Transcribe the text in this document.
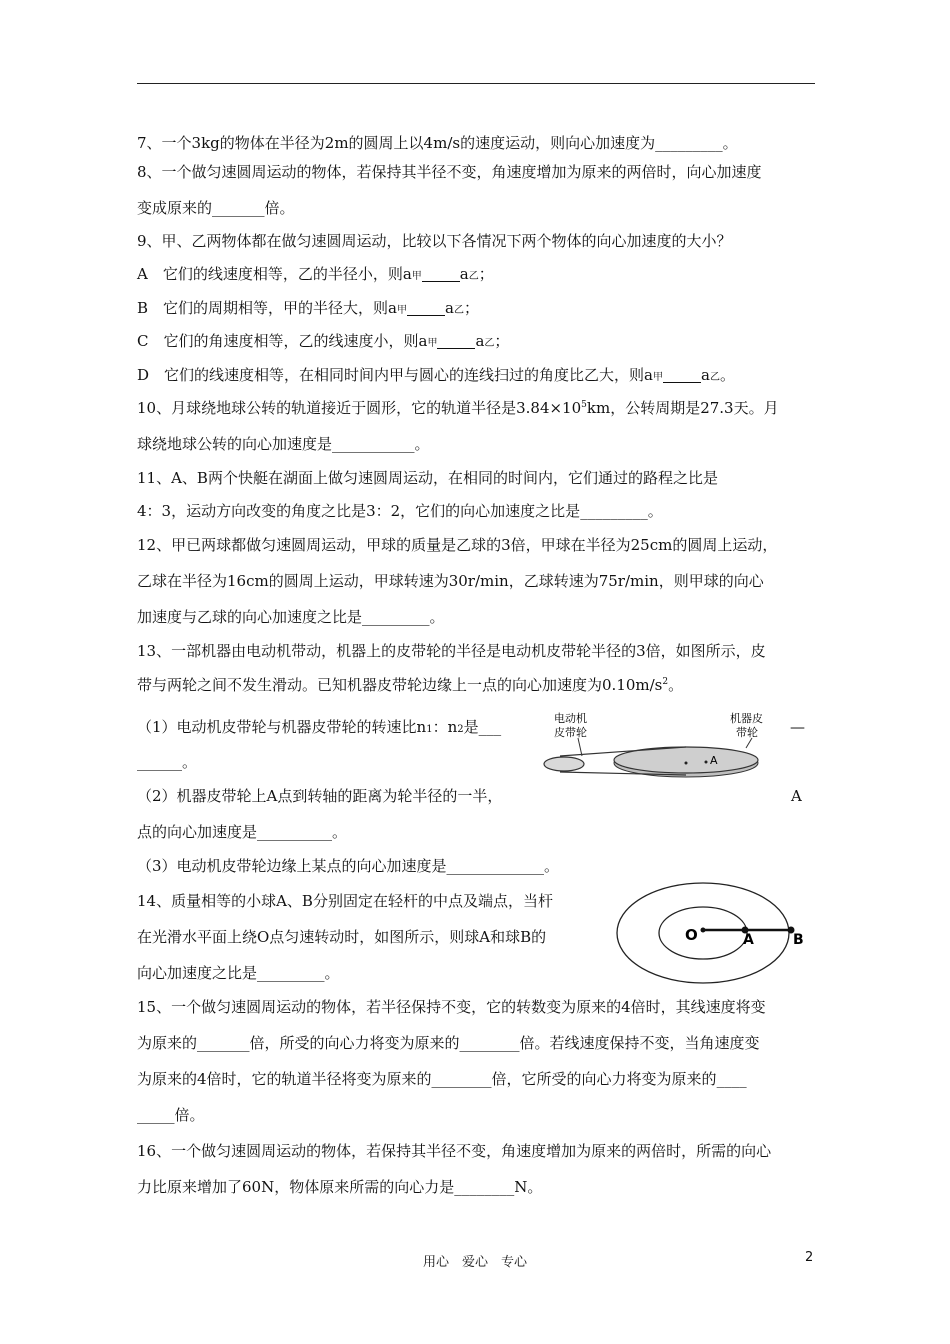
7、一个3kg的物体在半径为2m的圆周上以4m/s的速度运动，则向心加速度为_________。
8、一个做匀速圆周运动的物体，若保持其半径不变，角速度增加为原来的两倍时，向心加速度
变成原来的_______倍。
9、甲、乙两物体都在做匀速圆周运动，比较以下各情况下两个物体的向心加速度的大小？
A　它们的线速度相等，乙的半径小，则a甲	a乙；
B　它们的周期相等，甲的半径大，则a甲	a乙；
C　它们的角速度相等，乙的线速度小，则a甲	a乙；
D　它们的线速度相等，在相同时间内甲与圆心的连线扫过的角度比乙大，则a甲	a乙。
10、月球绕地球公转的轨道接近于圆形，它的轨道半径是$3.84\times 10^5km$，公转周期是27.3天。月
球绕地球公转的向心加速度是___________。
11、A、B两个快艇在湖面上做匀速圆周运动，在相同的时间内，它们通过的路程之比是
4：3，运动方向改变的角度之比是3：2，它们的向心加速度之比是_________。
12、甲已两球都做匀速圆周运动，甲球的质量是乙球的3倍，甲球在半径为25cm的圆周上运动，
乙球在半径为16cm的圆周上运动，甲球转速为30r/min，乙球转速为75r/min，则甲球的向心
加速度与乙球的向心加速度之比是_________。
13、一部机器由电动机带动，机器上的皮带轮的半径是电动机皮带轮半径的3倍，如图所示，皮
带与两轮之间不发生滑动。已知机器皮带轮边缘上一点的向心加速度为$0.10m/s^2$。
（1）电动机皮带轮与机器皮带轮的转速比n1：n2是___	—
______。
（2）机器皮带轮上A点到转轴的距离为轮半径的一半，	A
点的向心加速度是__________。
（3）电动机皮带轮边缘上某点的向心加速度是_____________。
电动机
皮带轮
机器皮
带轮
A
14、质量相等的小球A、B分别固定在轻杆的中点及端点，当杆
在光滑水平面上绕O点匀速转动时，如图所示，则球A和球B的
向心加速度之比是_________。
O	A	B
15、一个做匀速圆周运动的物体，若半径保持不变，它的转数变为原来的4倍时，其线速度将变
为原来的_______倍，所受的向心力将变为原来的________倍。若线速度保持不变，当角速度变
为原来的4倍时，它的轨道半径将变为原来的________倍，它所受的向心力将变为原来的____
_____倍。
16、一个做匀速圆周运动的物体，若保持其半径不变，角速度增加为原来的两倍时，所需的向心
力比原来增加了60N，物体原来所需的向心力是________N。
用心　爱心　专心	2
